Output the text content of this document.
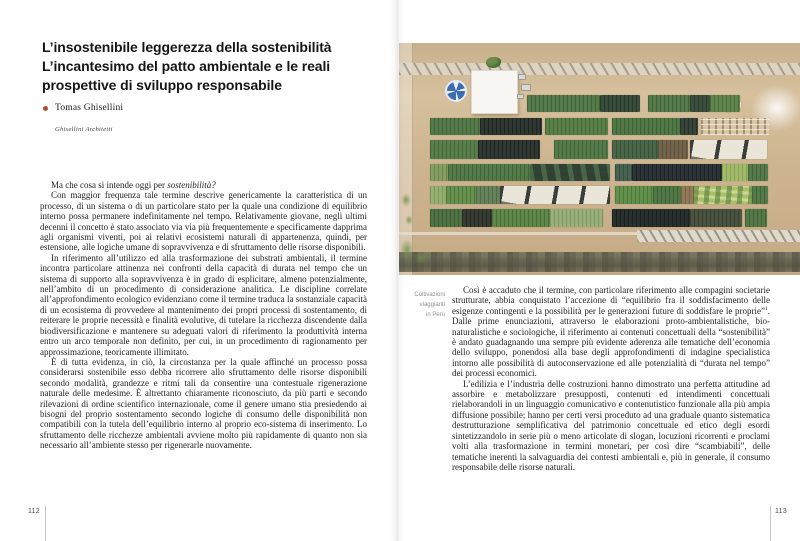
L’insostenibile leggerezza della sostenibilità
L’incantesimo del patto ambientale e le reali
prospettive di sviluppo responsabile
Tomas Ghisellini
Ghisellini Architetti

Ma che cosa si intende oggi per sostenibilità?

Con maggior frequenza tale termine descrive genericamente la caratteristica di un processo, di un sistema o di un particolare stato per la quale una condizione di equilibrio interno possa permanere indefinitamente nel tempo. Relativamente giovane, negli ultimi decenni il concetto è stato associato via via più frequentemente e specificamente dapprima agli organismi viventi, poi ai relativi ecosistemi naturali di appartenenza, quindi, per estensione, alle logiche umane di sopravvivenza e di sfruttamento delle risorse disponibili.

In riferimento all’utilizzo ed alla trasformazione dei substrati ambientali, il termine incontra particolare attinenza nei confronti della capacità di durata nel tempo che un sistema di supporto alla sopravvivenza è in grado di esplicitare, almeno potenzialmente, nell’ambito di un procedimento di considerazione analitica. Le discipline correlate all’approfondimento ecologico evidenziano come il termine traduca la sostanziale capacità di un ecosistema di provvedere al mantenimento dei propri processi di sostentamento, di reiterare le proprie necessità e finalità evolutive, di tutelare la ricchezza discendente dalla biodiversificazione e mantenere su adeguati valori di riferimento la produttività interna entro un arco temporale non definito, per cui, in un procedimento di ragionamento per approssimazione, teoricamente illimitato.

È di tutta evidenza, in ciò, la circostanza per la quale affinché un processo possa considerarsi sostenibile esso debba ricorrere allo sfruttamento delle risorse disponibili secondo modalità, grandezze e ritmi tali da consentire una contestuale rigenerazione naturale delle medesime. È altrettanto chiaramente riconosciuto, da più parti e secondo rilevazioni di ordine scientifico internazionale, come il genere umano stia presiedendo ai bisogni del proprio sostentamento secondo logiche di consumo delle disponibilità non compatibili con la tutela dell’equilibrio interno al proprio eco-sistema di inserimento. Lo sfruttamento delle ricchezze ambientali avviene molto più rapidamente di quanto non sia necessario all’ambiente stesso per rigenerarle nuovamente.

112
Coltivazioni
viaggianti
in Perù

Così è accaduto che il termine, con particolare riferimento alle compagini societarie strutturate, abbia conquistato l’accezione di “equilibrio fra il soddisfacimento delle esigenze contingenti e la possibilità per le generazioni future di soddisfare le proprie”$^1$. Dalle prime enunciazioni, attraverso le elaborazioni proto-ambientalistiche, bio-naturalistiche e sociologiche, il riferimento ai contenuti concettuali della “sostenibilità” è andato guadagnando una sempre più evidente aderenza alle tematiche dell’economia dello sviluppo, ponendosi alla base degli approfondimenti di indagine specialistica intorno alle possibilità di autoconservazione ed alle potenzialità di “durata nel tempo” dei processi economici.

L’edilizia e l’industria delle costruzioni hanno dimostrato una perfetta attitudine ad assorbire e metabolizzare presupposti, contenuti ed intendimenti concettuali rielaborandoli in un linguaggio comunicativo e contenutistico funzionale alla più ampia diffusione possibile; hanno per certi versi proceduto ad una graduale quanto sistematica destrutturazione semplificativa del patrimonio concettuale ed etico degli esordi sintetizzandolo in serie più o meno articolate di slogan, locuzioni ricorrenti e proclami volti alla trasformazione in termini monetari, per così dire “scambiabili”, delle tematiche inerenti la salvaguardia dei contesti ambientali e, più in generale, il consumo responsabile delle risorse naturali.

113
